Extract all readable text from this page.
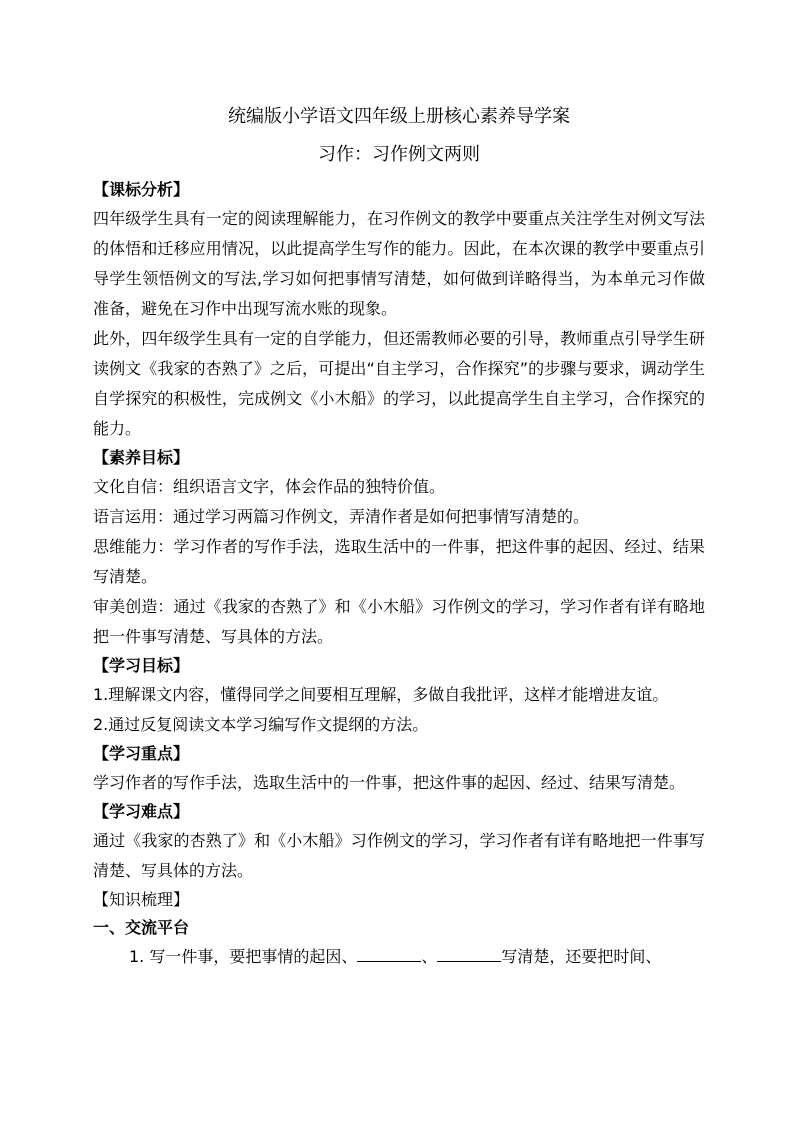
统编版小学语文四年级上册核心素养导学案
习作：习作例文两则

【课标分析】

四年级学生具有一定的阅读理解能力，在习作例文的教学中要重点关注学生对例文写法的体悟和迁移应用情况，以此提高学生写作的能力。因此，在本次课的教学中要重点引导学生领悟例文的写法,学习如何把事情写清楚，如何做到详略得当，为本单元习作做准备，避免在习作中出现写流水账的现象。

此外，四年级学生具有一定的自学能力，但还需教师必要的引导，教师重点引导学生研读例文《我家的杏熟了》之后，可提出“自主学习，合作探究”的步骤与要求，调动学生自学探究的积极性，完成例文《小木船》的学习，以此提高学生自主学习，合作探究的能力。

【素养目标】

文化自信：组织语言文字，体会作品的独特价值。

语言运用：通过学习两篇习作例文，弄清作者是如何把事情写清楚的。

思维能力：学习作者的写作手法，选取生活中的一件事，把这件事的起因、经过、结果写清楚。

审美创造：通过《我家的杏熟了》和《小木船》习作例文的学习，学习作者有详有略地把一件事写清楚、写具体的方法。

【学习目标】

1.理解课文内容，懂得同学之间要相互理解，多做自我批评，这样才能增进友谊。

2.通过反复阅读文本学习编写作文提纲的方法。

【学习重点】

学习作者的写作手法，选取生活中的一件事，把这件事的起因、经过、结果写清楚。

【学习难点】

通过《我家的杏熟了》和《小木船》习作例文的学习，学习作者有详有略地把一件事写清楚、写具体的方法。

【知识梳理】

一、交流平台

1. 写一件事，要把事情的起因、	、	写清楚，还要把时间、
